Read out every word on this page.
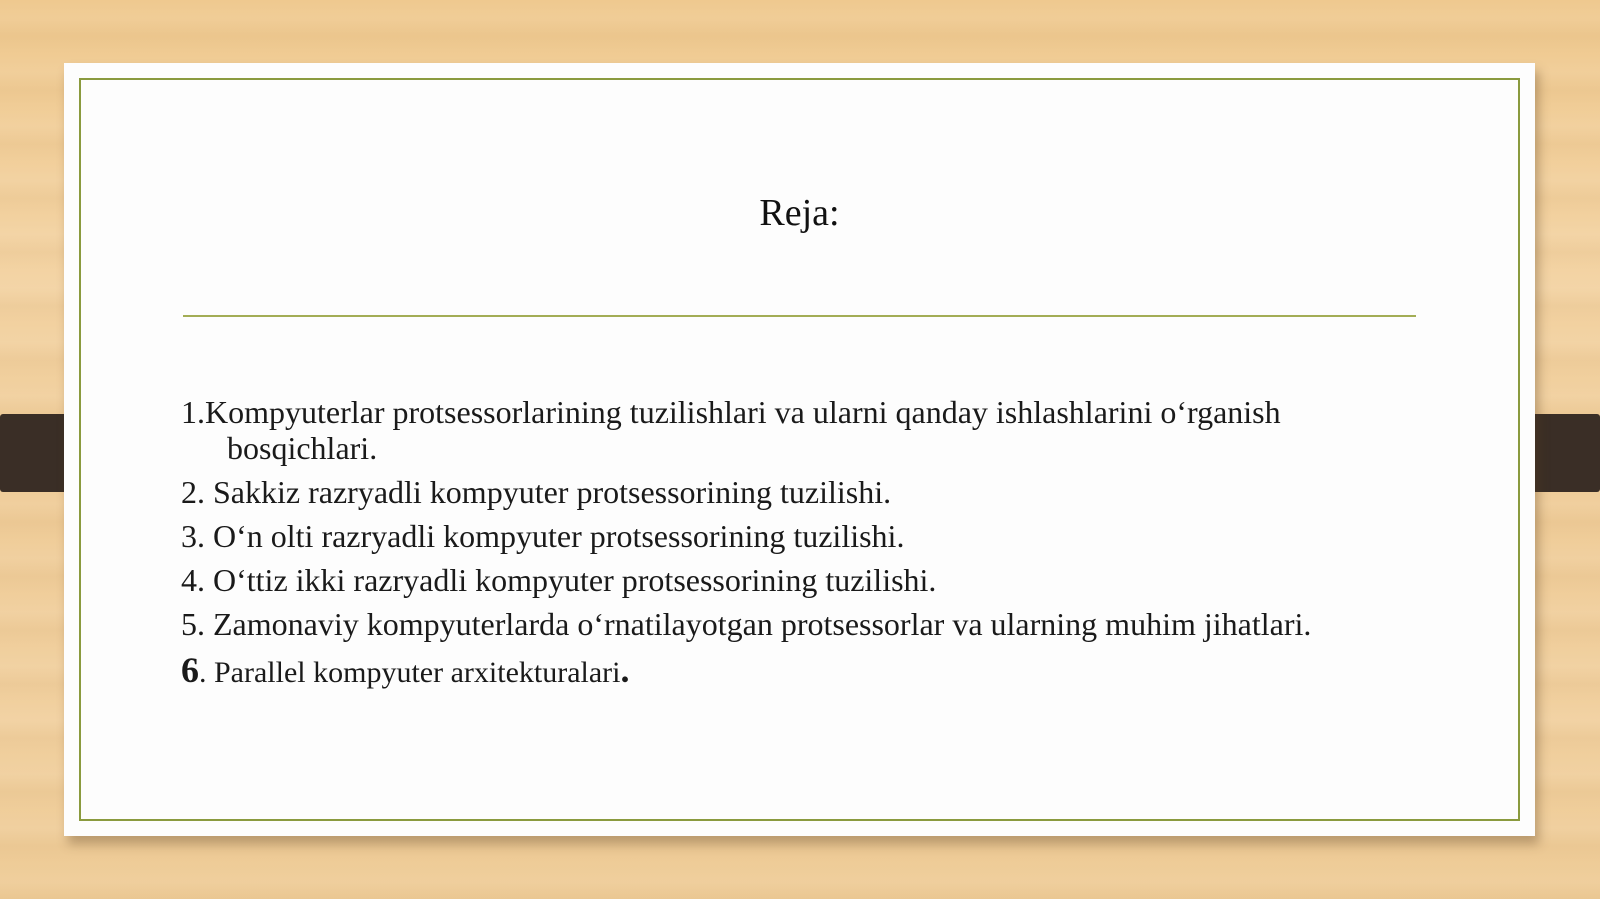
Reja:
1.Kompyuterlar protsessorlarining tuzilishlari va ularni qanday ishlashlarini o‘rganish bosqichlari.
2. Sakkiz razryadli kompyuter protsessorining tuzilishi.
3. O‘n olti razryadli kompyuter protsessorining tuzilishi.
4. O‘ttiz ikki razryadli kompyuter protsessorining tuzilishi.
5. Zamonaviy kompyuterlarda o‘rnatilayotgan protsessorlar va ularning muhim jihatlari.
6. Parallel kompyuter arxitekturalari.
